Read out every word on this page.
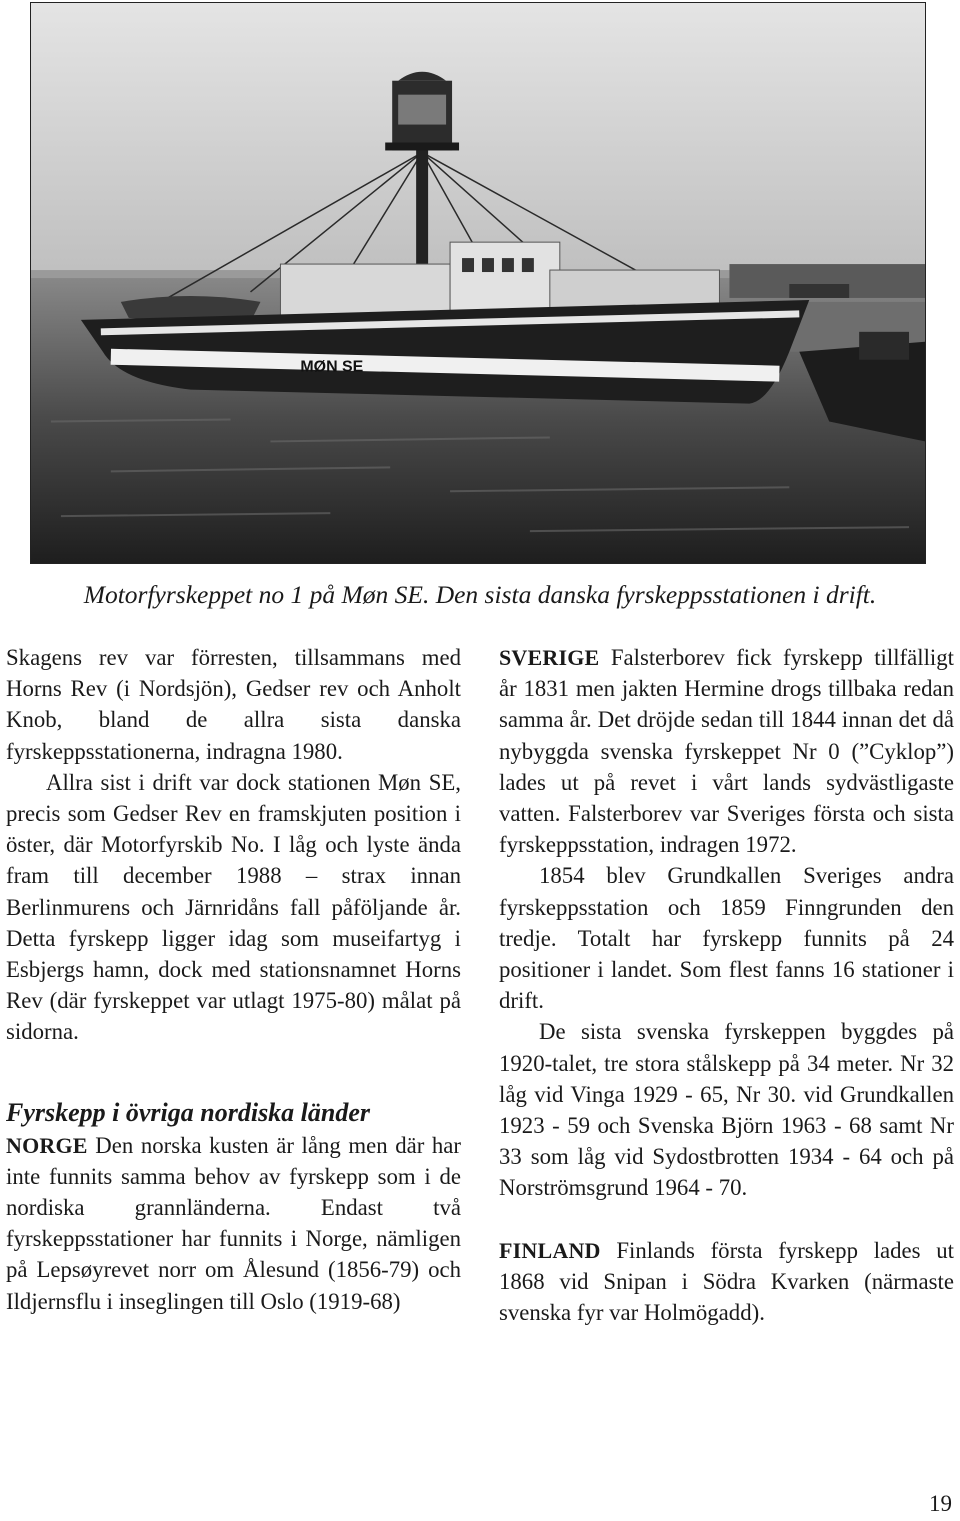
MØN SE
Motorfyrskeppet no 1 på Møn SE. Den sista danska fyrskeppsstationen i drift.

Skagens rev var förresten, tillsammans med Horns Rev (i Nordsjön), Gedser rev och Anholt Knob, bland de allra sista danska fyrskeppsstationerna, indragna 1980.

Allra sist i drift var dock stationen Møn SE, precis som Gedser Rev en framskjuten position i öster, där Motorfyrskib No. I låg och lyste ända fram till december 1988 – strax innan Berlinmurens och Järnridåns fall påföljande år. Detta fyrskepp ligger idag som museifartyg i Esbjergs hamn, dock med stationsnamnet Horns Rev (där fyrskeppet var utlagt 1975-80) målat på sidorna.

Fyrskepp i övriga nordiska länder

NORGE Den norska kusten är lång men där har inte funnits samma behov av fyrskepp som i de nordiska grannländerna. Endast två fyrskeppsstationer har funnits i Norge, nämligen på Lepsøyrevet norr om Ålesund (1856-79) och Ildjernsflu i inseglingen till Oslo (1919-68)

SVERIGE Falsterborev fick fyrskepp tillfälligt år 1831 men jakten Hermine drogs tillbaka redan samma år. Det dröjde sedan till 1844 innan det då nybyggda svenska fyrskeppet Nr 0 (”Cyklop”) lades ut på revet i vårt lands sydvästligaste vatten. Falsterborev var Sveriges första och sista fyrskeppsstation, indragen 1972.

1854 blev Grundkallen Sveriges andra fyrskeppsstation och 1859 Finngrunden den tredje. Totalt har fyrskepp funnits på 24 positioner i landet. Som flest fanns 16 stationer i drift.

De sista svenska fyrskeppen byggdes på 1920-talet, tre stora stålskepp på 34 meter. Nr 32 låg vid Vinga 1929 - 65, Nr 30. vid Grundkallen 1923 - 59 och Svenska Björn 1963 - 68 samt Nr 33 som låg vid Sydostbrotten 1934 - 64 och på Norströmsgrund 1964 - 70.

FINLAND Finlands första fyrskepp lades ut 1868 vid Snipan i Södra Kvarken (närmaste svenska fyr var Holmögadd).

19
